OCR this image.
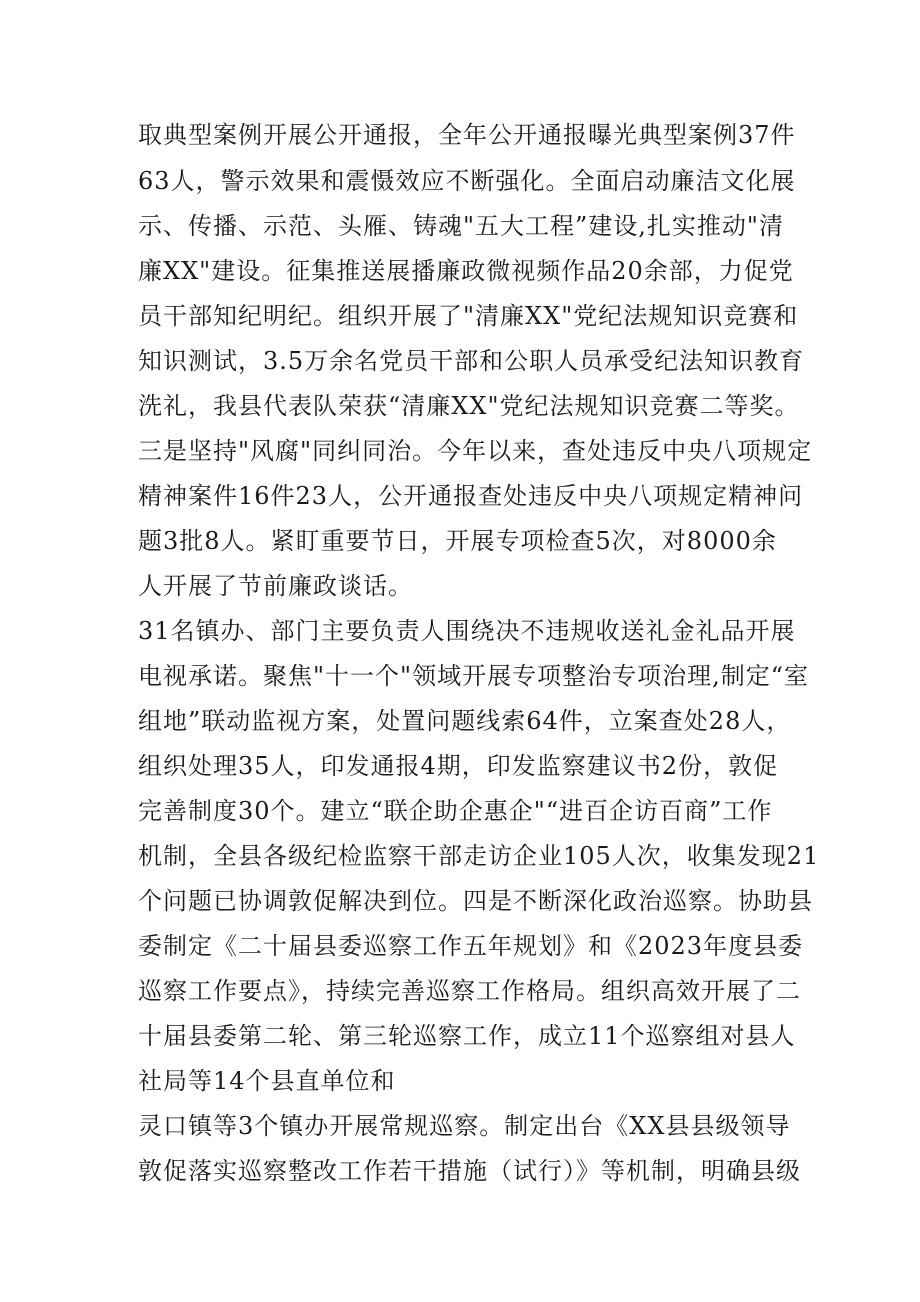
取典型案例开展公开通报，全年公开通报曝光典型案例37件
63人，警示效果和震慑效应不断强化。全面启动廉洁文化展
示、传播、示范、头雁、铸魂"五大工程”建设,扎实推动"清
廉XX"建设。征集推送展播廉政微视频作品20余部，力促党
员干部知纪明纪。组织开展了"清廉XX"党纪法规知识竞赛和
知识测试，3.5万余名党员干部和公职人员承受纪法知识教育
洗礼，我县代表队荣获“清廉XX"党纪法规知识竞赛二等奖。
三是坚持"风腐"同纠同治。今年以来，查处违反中央八项规定
精神案件16件23人，公开通报查处违反中央八项规定精神问
题3批8人。紧盯重要节日，开展专项检查5次，对8000余
人开展了节前廉政谈话。
31名镇办、部门主要负责人围绕决不违规收送礼金礼品开展
电视承诺。聚焦"十一个"领域开展专项整治专项治理,制定“室
组地”联动监视方案，处置问题线索64件，立案查处28人，
组织处理35人，印发通报4期，印发监察建议书2份，敦促
完善制度30个。建立“联企助企惠企"“进百企访百商”工作
机制，全县各级纪检监察干部走访企业105人次，收集发现21
个问题已协调敦促解决到位。四是不断深化政治巡察。协助县
委制定《二十届县委巡察工作五年规划》和《2023年度县委
巡察工作要点》，持续完善巡察工作格局。组织高效开展了二
十届县委第二轮、第三轮巡察工作，成立11个巡察组对县人
社局等14个县直单位和
灵口镇等3个镇办开展常规巡察。制定出台《XX县县级领导
敦促落实巡察整改工作若干措施（试行）》等机制，明确县级
